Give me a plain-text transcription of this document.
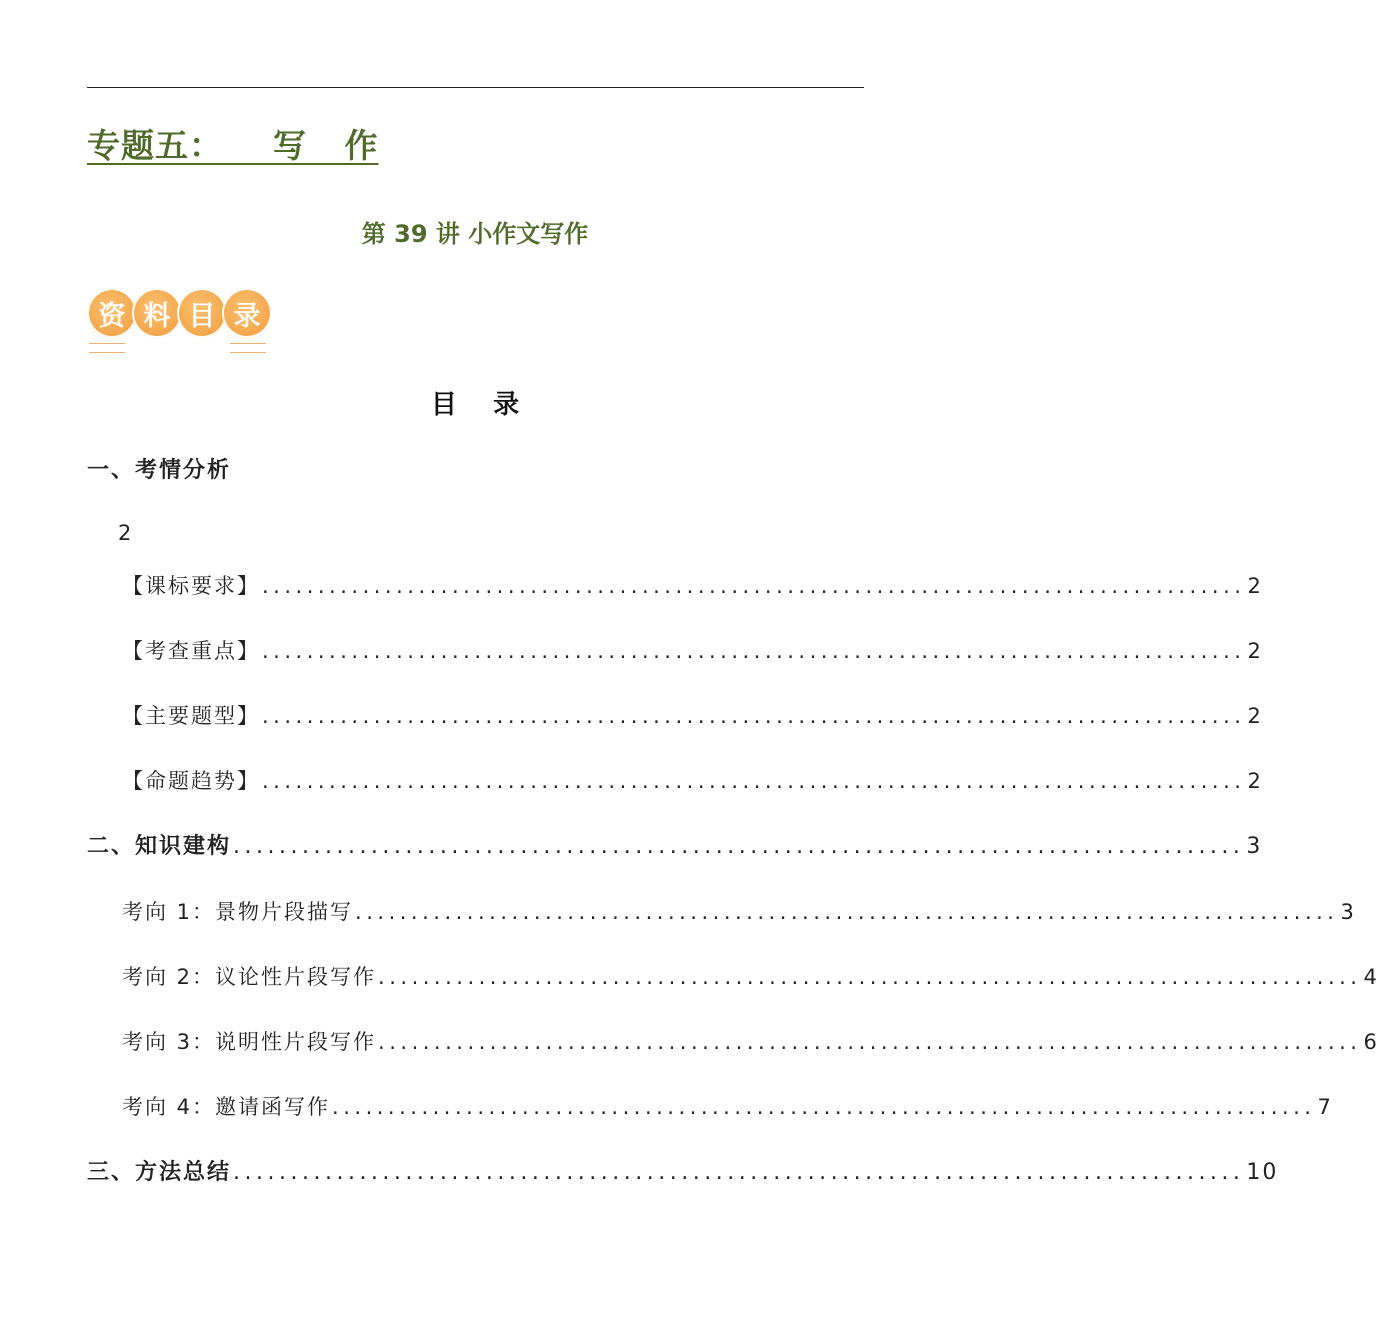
专题五：    写   作
第 39 讲 小作文写作
资 料 目 录
目    录
一、考情分析
2
【课标要求】 ........................................................................................ 2
【考查重点】 ........................................................................................ 2
【主要题型】 ........................................................................................ 2
【命题趋势】 ........................................................................................ 2
二、知识建构 ........................................................................................ 3
考向 1：景物片段描写 ........................................................................................ 3
考向 2：议论性片段写作 ........................................................................................ 4
考向 3：说明性片段写作 ........................................................................................ 6
考向 4：邀请函写作 ........................................................................................ 7
三、方法总结 ........................................................................................ 10
